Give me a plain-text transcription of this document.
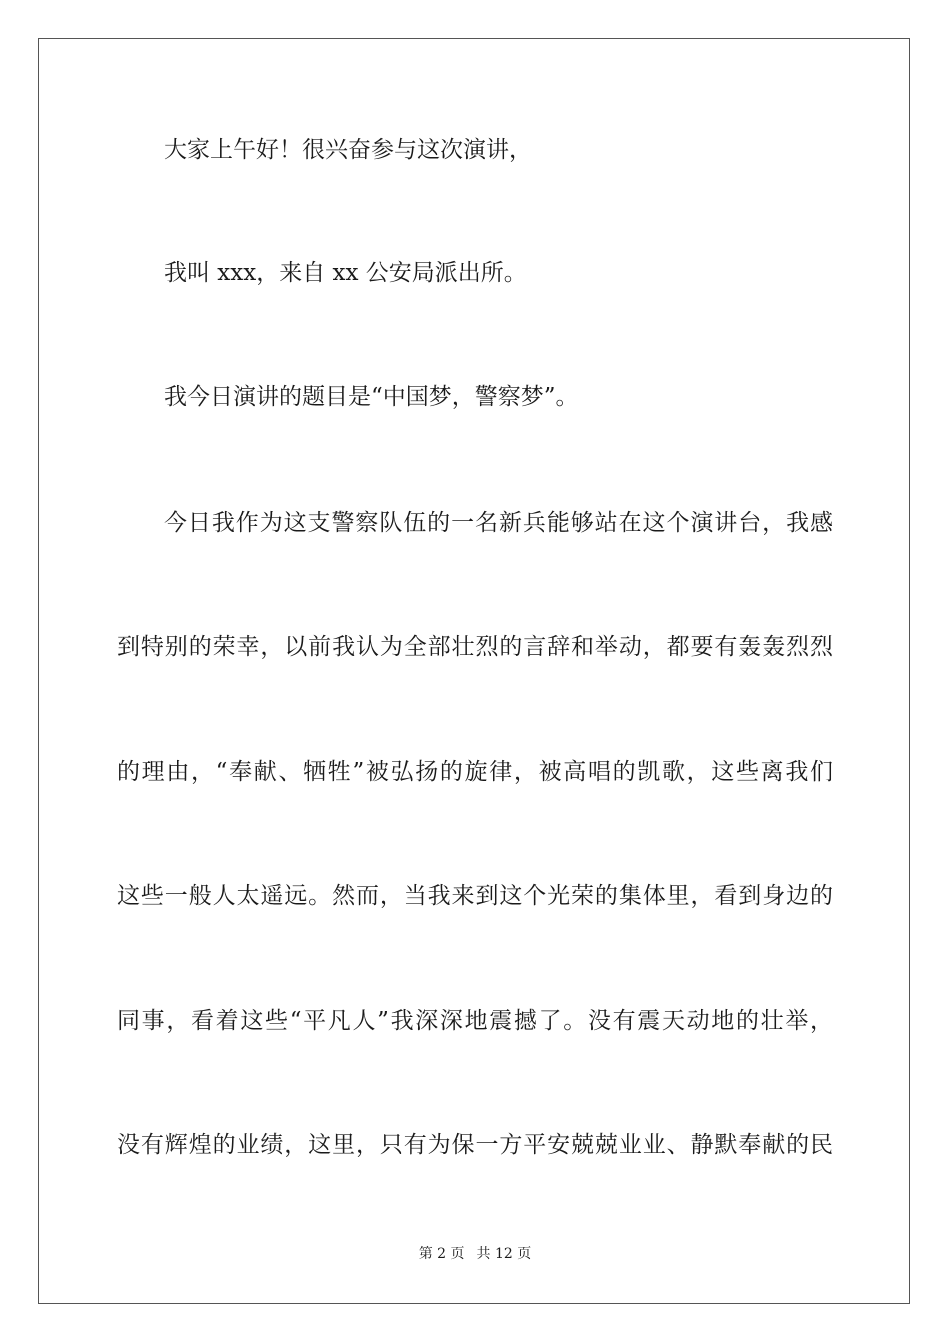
大家上午好！很兴奋参与这次演讲，

我叫 xxx，来自 xx 公安局派出所。

我今日演讲的题目是“中国梦，警察梦”。

今日我作为这支警察队伍的一名新兵能够站在这个演讲台，我感

到特别的荣幸，以前我认为全部壮烈的言辞和举动，都要有轰轰烈烈

的理由，“奉献、牺牲”被弘扬的旋律，被高唱的凯歌，这些离我们

这些一般人太遥远。然而，当我来到这个光荣的集体里，看到身边的

同事，看着这些“平凡人”我深深地震撼了。没有震天动地的壮举，

没有辉煌的业绩，这里，只有为保一方平安兢兢业业、静默奉献的民

第 2 页 共 12 页
